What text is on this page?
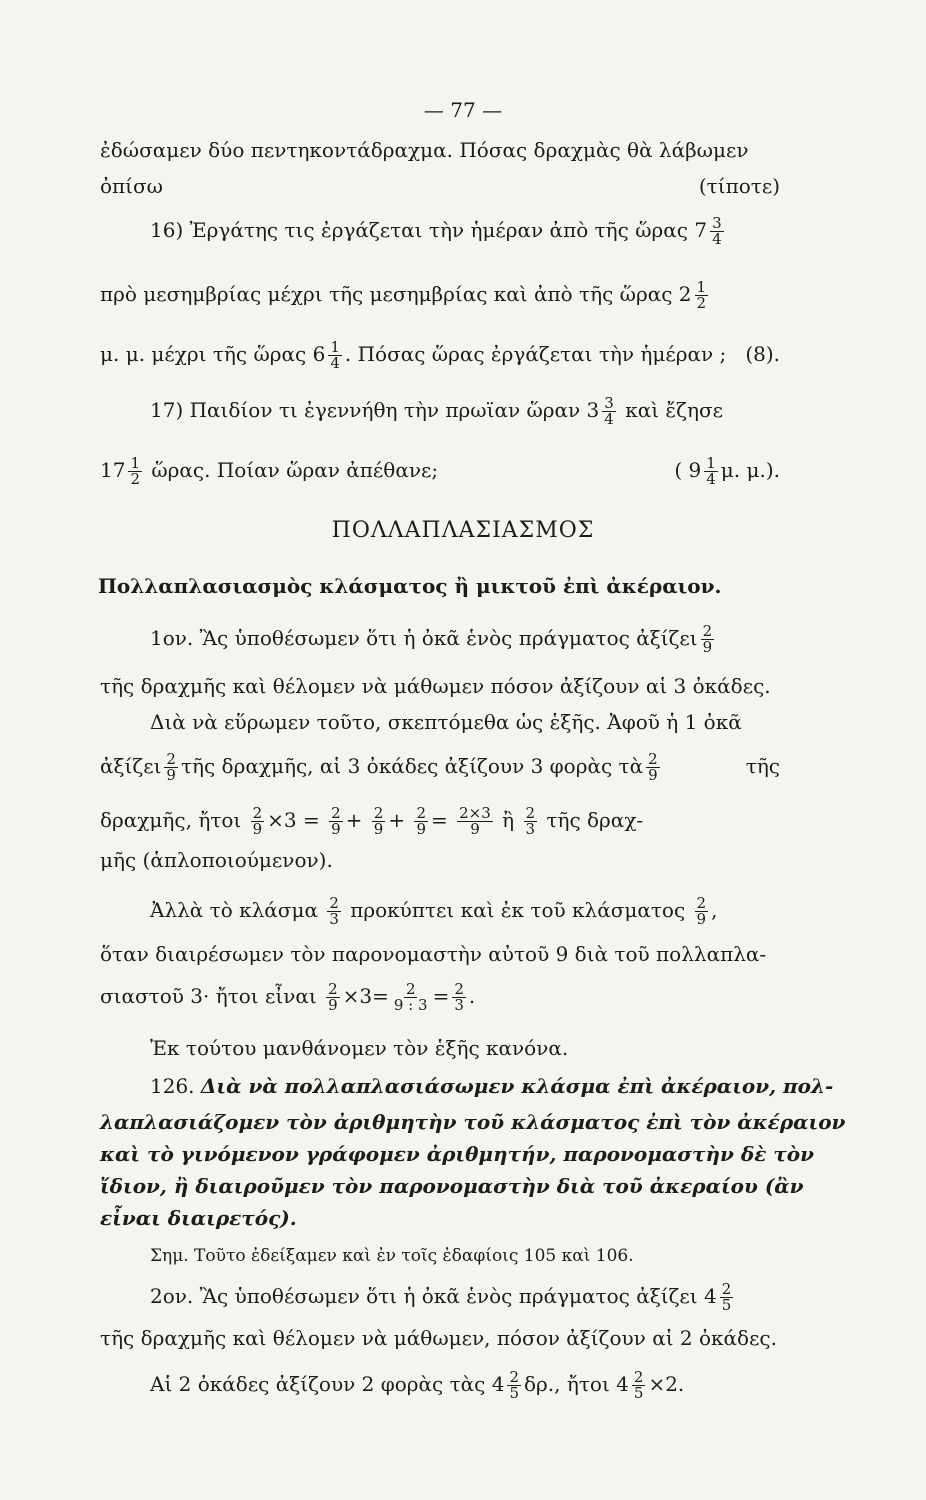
— 77 —
ἐδώσαμεν δύο πεντηκοντάδραχμα. Πόσας δραχμὰς θὰ λάβωμεν
ὀπίσω	(τίποτε)
16) Ἐργάτης τις ἐργάζεται τὴν ἡμέραν ἀπὸ τῆς ὥρας $7 \frac{3}{4}$
πρὸ μεσημβρίας μέχρι τῆς μεσημβρίας καὶ ἀπὸ τῆς ὥρας $2 \frac{1}{2}$
μ. μ. μέχρι τῆς ὥρας $6 \frac{1}{4}$ . Πόσας ὥρας ἐργάζεται τὴν ἡμέραν ; (8).
17) Παιδίον τι ἐγεννήθη τὴν πρωϊαν ὥραν $3 \frac{3}{4}$ καὶ ἔζησε
$17 \frac{1}{2}$ ὥρας. Ποίαν ὥραν ἀπέθανε;	( $9 \frac{1}{4} \mu$. μ.).
ΠΟΛΛΑΠΛΑΣΙΑΣΜΟΣ
Πολλαπλασιασμὸς κλάσματος ἢ μικτοῦ ἐπὶ ἀκέραιον.
1ον. Ἂς ὑποθέσωμεν ὅτι ἡ ὀκᾶ ἑνὸς πράγματος ἀξίζει $\frac{2}{9}$
τῆς δραχμῆς καὶ θέλομεν νὰ μάθωμεν πόσον ἀξίζουν αἱ 3 ὀκάδες.
Διὰ νὰ εὕρωμεν τοῦτο, σκεπτόμεθα ὡς ἑξῆς. Ἀφοῦ ἡ 1 ὀκᾶ
ἀξίζει $\frac{2}{9}$ τῆς δραχμῆς, αἱ 3 ὀκάδες ἀξίζουν 3 φορὰς τὰ $\frac{2}{9}$	τῆς
δραχμῆς, ἤτοι $\frac{2}{9} \times 3 = \frac{2}{9} + \frac{2}{9} + \frac{2}{9} = \frac{2\times 3}{9}$ ἢ $\frac{2}{3}$ τῆς δραχ-
μῆς (ἁπλοποιούμενον).
Ἀλλὰ τὸ κλάσμα $\frac{2}{3}$ προκύπτει καὶ ἐκ τοῦ κλάσματος $\frac{2}{9}$ ,
ὅταν διαιρέσωμεν τὸν παρονομαστὴν αὐτοῦ 9 διὰ τοῦ πολλαπλα-
σιαστοῦ 3· ἤτοι εἶναι $\frac{2}{9} \times 3= \frac{2}{9 : 3} = \frac{2}{3}$ .
Ἐκ τούτου μανθάνομεν τὸν ἑξῆς κανόνα.
126. Διὰ νὰ πολλαπλασιάσωμεν κλάσμα ἐπὶ ἀκέραιον, πολ-
λαπλασιάζομεν τὸν ἀριθμητὴν τοῦ κλάσματος ἐπὶ τὸν ἀκέραιον
καὶ τὸ γινόμενον γράφομεν ἀριθμητήν, παρονομαστὴν δὲ τὸν
ἴδιον, ἢ διαιροῦμεν τὸν παρονομαστὴν διὰ τοῦ ἀκεραίου (ἂν
εἶναι διαιρετός).
Σημ. Τοῦτο ἐδείξαμεν καὶ ἐν τοῖς ἐδαφίοις 105 καὶ 106.
2ον. Ἂς ὑποθέσωμεν ὅτι ἡ ὀκᾶ ἑνὸς πράγματος ἀξίζει $4 \frac{2}{5}$
τῆς δραχμῆς καὶ θέλομεν νὰ μάθωμεν, πόσον ἀξίζουν αἱ 2 ὀκάδες.
Αἱ 2 ὀκάδες ἀξίζουν 2 φορὰς τὰς $4 \frac{2}{5} \delta\rho$., ἤτοι $4 \frac{2}{5} \times 2$.
